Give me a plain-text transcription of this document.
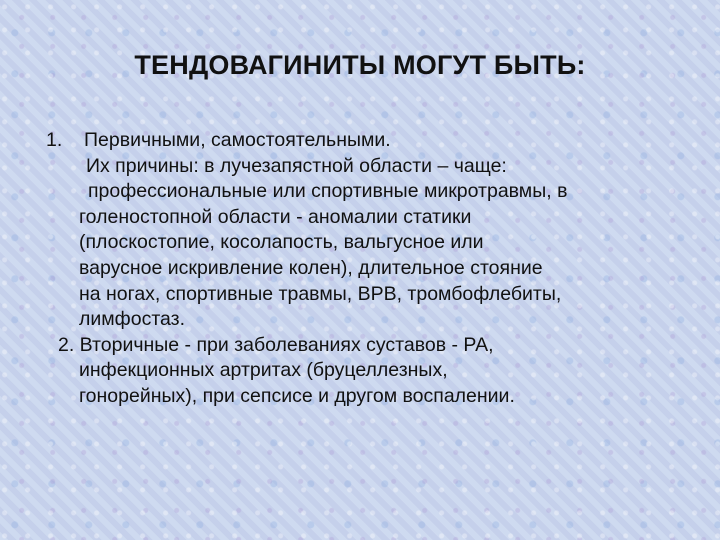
ТЕНДОВАГИНИТЫ МОГУТ БЫТЬ:
1. Первичными, самостоятельными.
Их причины: в лучезапястной области – чаще:
профессиональные или спортивные микротравмы, в
голеностопной области - аномалии статики
(плоскостопие, косолапость, вальгусное или
варусное искривление колен), длительное стояние
на ногах, спортивные травмы, ВРВ, тромбофлебиты,
лимфостаз.
2. Вторичные - при заболеваниях суставов - РА,
инфекционных артритах (бруцеллезных,
гонорейных), при сепсисе и другом воспалении.
